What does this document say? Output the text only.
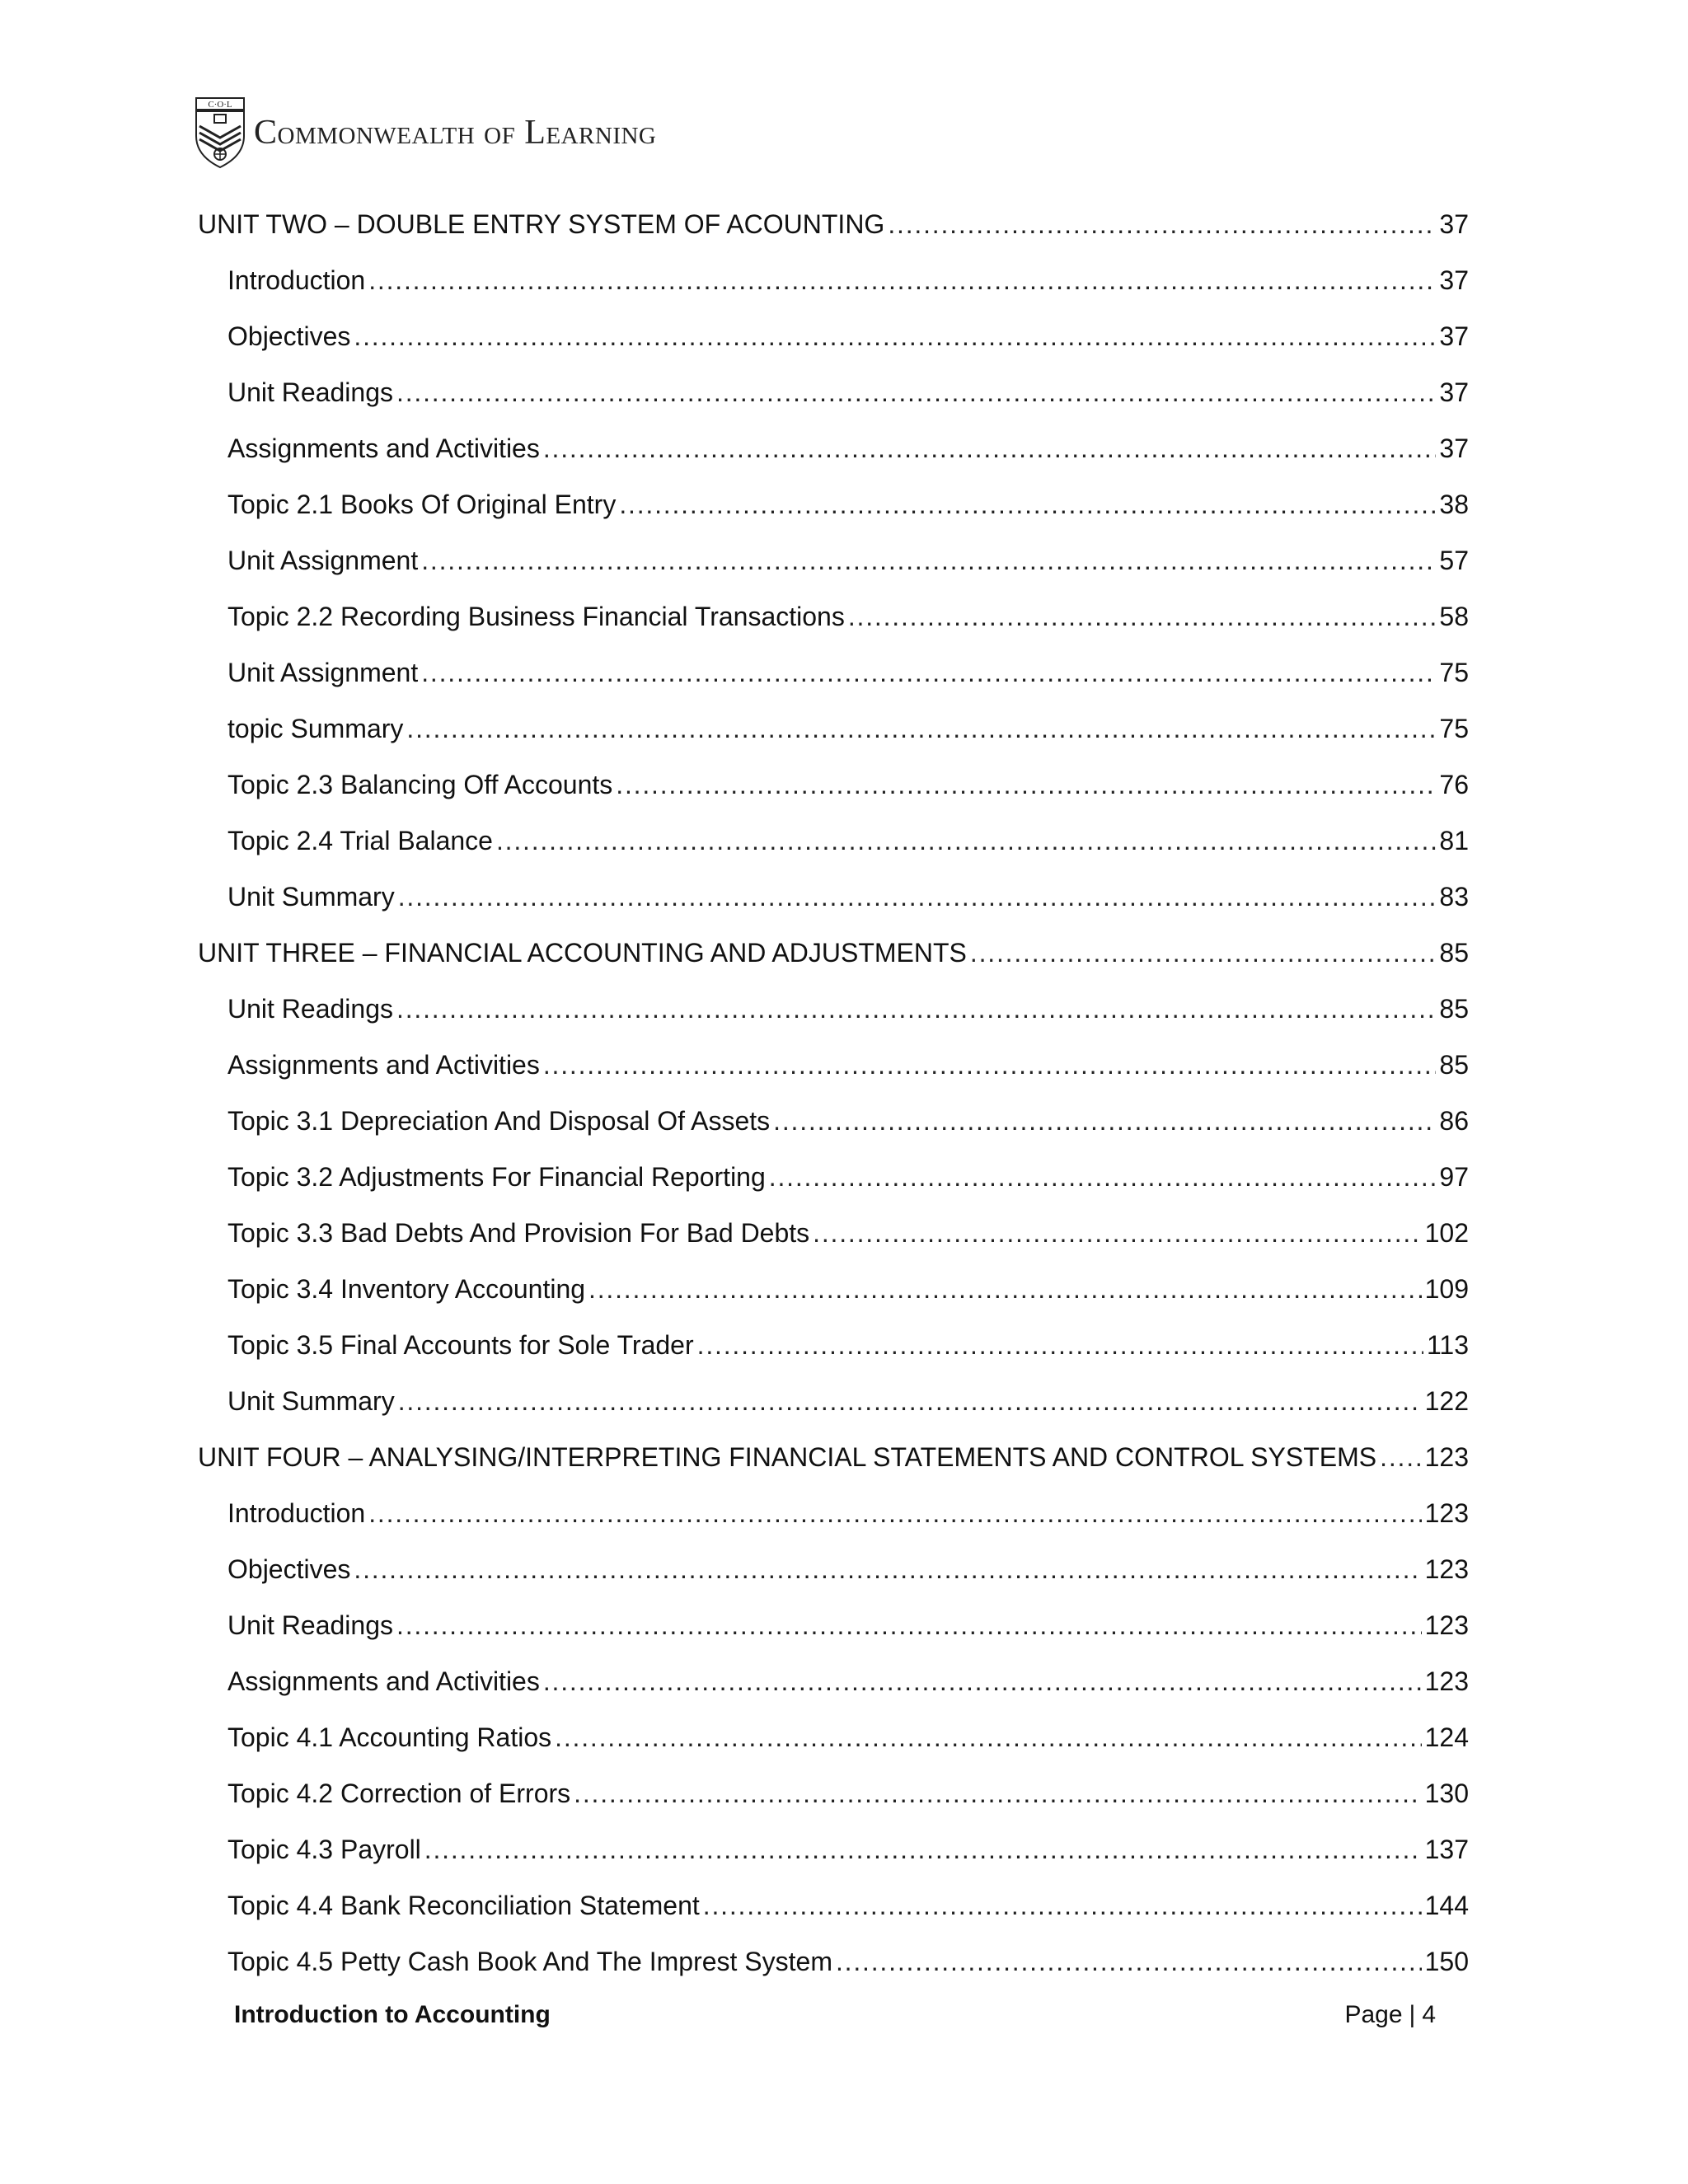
C·O·L
Commonwealth of Learning
UNIT TWO – DOUBLE ENTRY SYSTEM OF ACOUNTING .....	37
Introduction .....	37
Objectives .....	37
Unit Readings .....	37
Assignments and Activities .....	37
Topic 2.1 Books Of Original Entry .....	38
Unit Assignment .....	57
Topic 2.2 Recording Business Financial Transactions .....	58
Unit Assignment .....	75
topic Summary .....	75
Topic 2.3 Balancing Off Accounts .....	76
Topic 2.4 Trial Balance .....	81
Unit Summary .....	83
UNIT THREE – FINANCIAL ACCOUNTING AND ADJUSTMENTS .....	85
Unit Readings .....	85
Assignments and Activities .....	85
Topic 3.1 Depreciation And Disposal Of Assets .....	86
Topic 3.2 Adjustments For Financial Reporting .....	97
Topic 3.3 Bad Debts And Provision For Bad Debts .....	102
Topic 3.4 Inventory Accounting .....	109
Topic 3.5 Final Accounts for Sole Trader .....	113
Unit Summary .....	122
UNIT FOUR – ANALYSING/INTERPRETING FINANCIAL STATEMENTS AND CONTROL SYSTEMS ..... 123
Introduction .....	123
Objectives .....	123
Unit Readings .....	123
Assignments and Activities .....	123
Topic 4.1 Accounting Ratios .....	124
Topic 4.2 Correction of Errors .....	130
Topic 4.3 Payroll .....	137
Topic 4.4 Bank Reconciliation Statement .....	144
Topic 4.5 Petty Cash Book And The Imprest System .....	150
Introduction to Accounting	Page | 4
